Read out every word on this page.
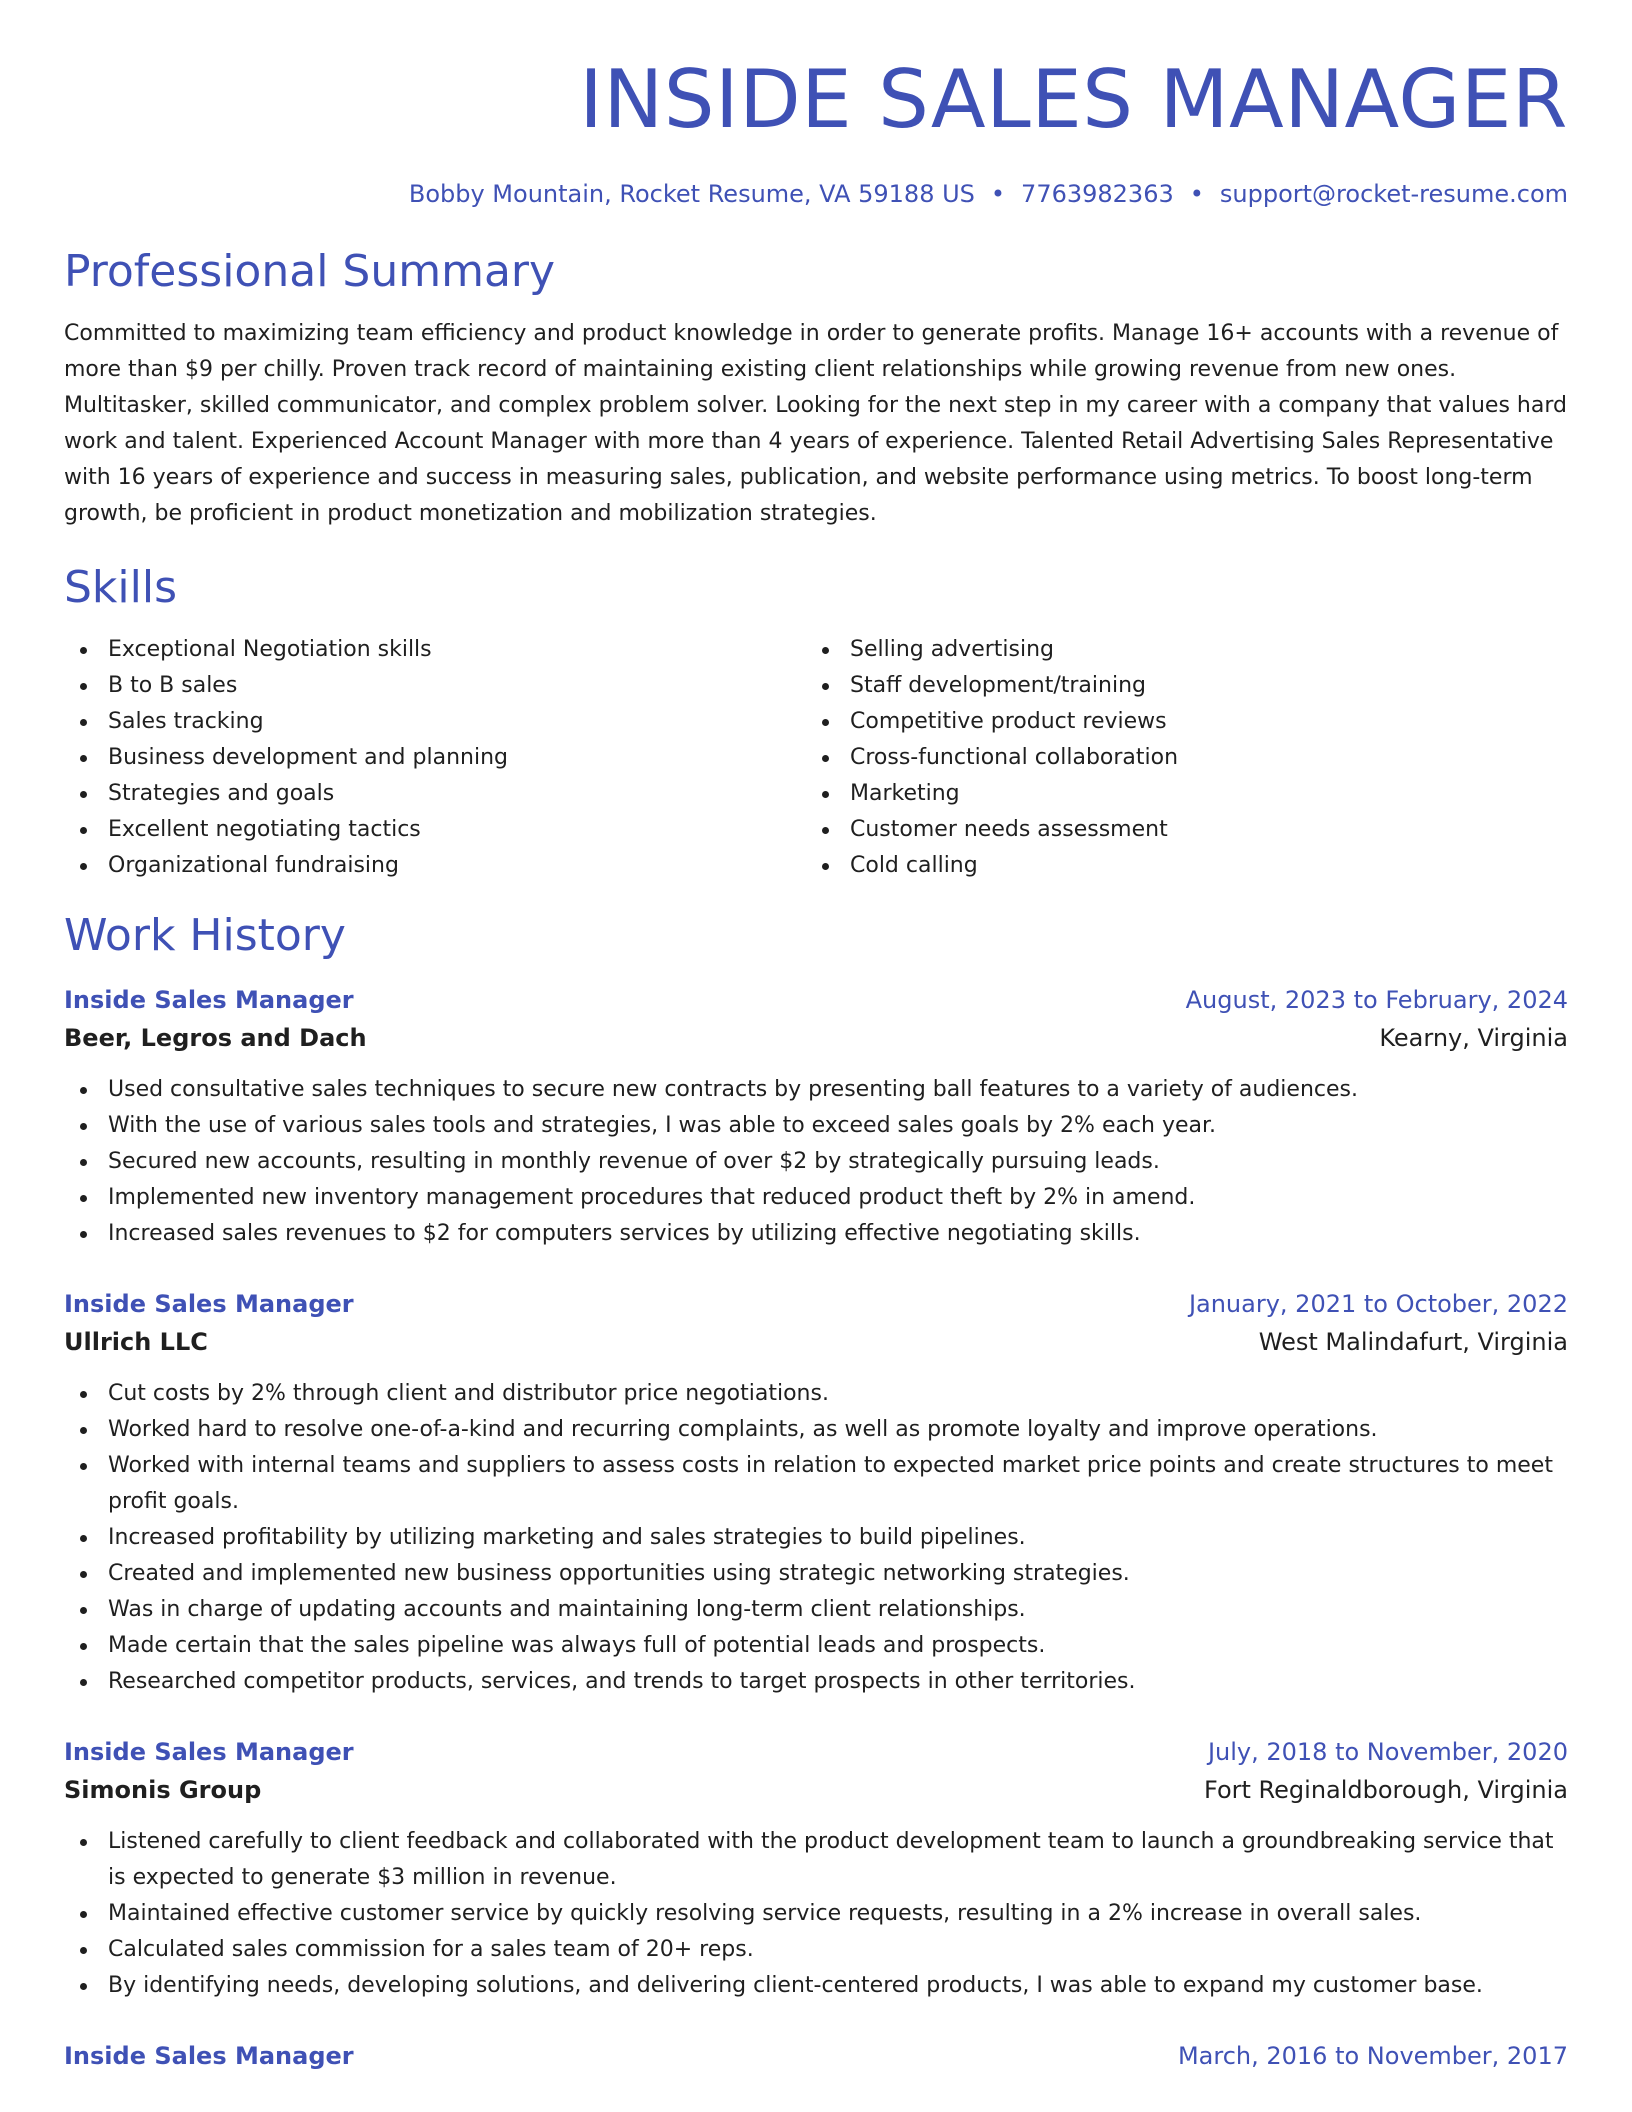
INSIDE SALES MANAGER
Bobby Mountain, Rocket Resume, VA 59188 US • 7763982363 • support@rocket-resume.com
Professional Summary

Committed to maximizing team efficiency and product knowledge in order to generate profits. Manage 16+ accounts with a revenue of more than $9 per chilly. Proven track record of maintaining existing client relationships while growing revenue from new ones. Multitasker, skilled communicator, and complex problem solver. Looking for the next step in my career with a company that values hard work and talent. Experienced Account Manager with more than 4 years of experience. Talented Retail Advertising Sales Representative with 16 years of experience and success in measuring sales, publication, and website performance using metrics. To boost long-term growth, be proficient in product monetization and mobilization strategies.

Skills
Exceptional Negotiation skills
B to B sales
Sales tracking
Business development and planning
Strategies and goals
Excellent negotiating tactics
Organizational fundraising
Selling advertising
Staff development/training
Competitive product reviews
Cross-functional collaboration
Marketing
Customer needs assessment
Cold calling
Work History
Inside Sales Manager	August, 2023 to February, 2024
Beer, Legros and Dach	Kearny, Virginia
Used consultative sales techniques to secure new contracts by presenting ball features to a variety of audiences.
With the use of various sales tools and strategies, I was able to exceed sales goals by 2% each year.
Secured new accounts, resulting in monthly revenue of over $2 by strategically pursuing leads.
Implemented new inventory management procedures that reduced product theft by 2% in amend.
Increased sales revenues to $2 for computers services by utilizing effective negotiating skills.
Inside Sales Manager	January, 2021 to October, 2022
Ullrich LLC	West Malindafurt, Virginia
Cut costs by 2% through client and distributor price negotiations.
Worked hard to resolve one-of-a-kind and recurring complaints, as well as promote loyalty and improve operations.
Worked with internal teams and suppliers to assess costs in relation to expected market price points and create structures to meet profit goals.
Increased profitability by utilizing marketing and sales strategies to build pipelines.
Created and implemented new business opportunities using strategic networking strategies.
Was in charge of updating accounts and maintaining long-term client relationships.
Made certain that the sales pipeline was always full of potential leads and prospects.
Researched competitor products, services, and trends to target prospects in other territories.
Inside Sales Manager	July, 2018 to November, 2020
Simonis Group	Fort Reginaldborough, Virginia
Listened carefully to client feedback and collaborated with the product development team to launch a groundbreaking service that is expected to generate $3 million in revenue.
Maintained effective customer service by quickly resolving service requests, resulting in a 2% increase in overall sales.
Calculated sales commission for a sales team of 20+ reps.
By identifying needs, developing solutions, and delivering client-centered products, I was able to expand my customer base.
Inside Sales Manager	March, 2016 to November, 2017
